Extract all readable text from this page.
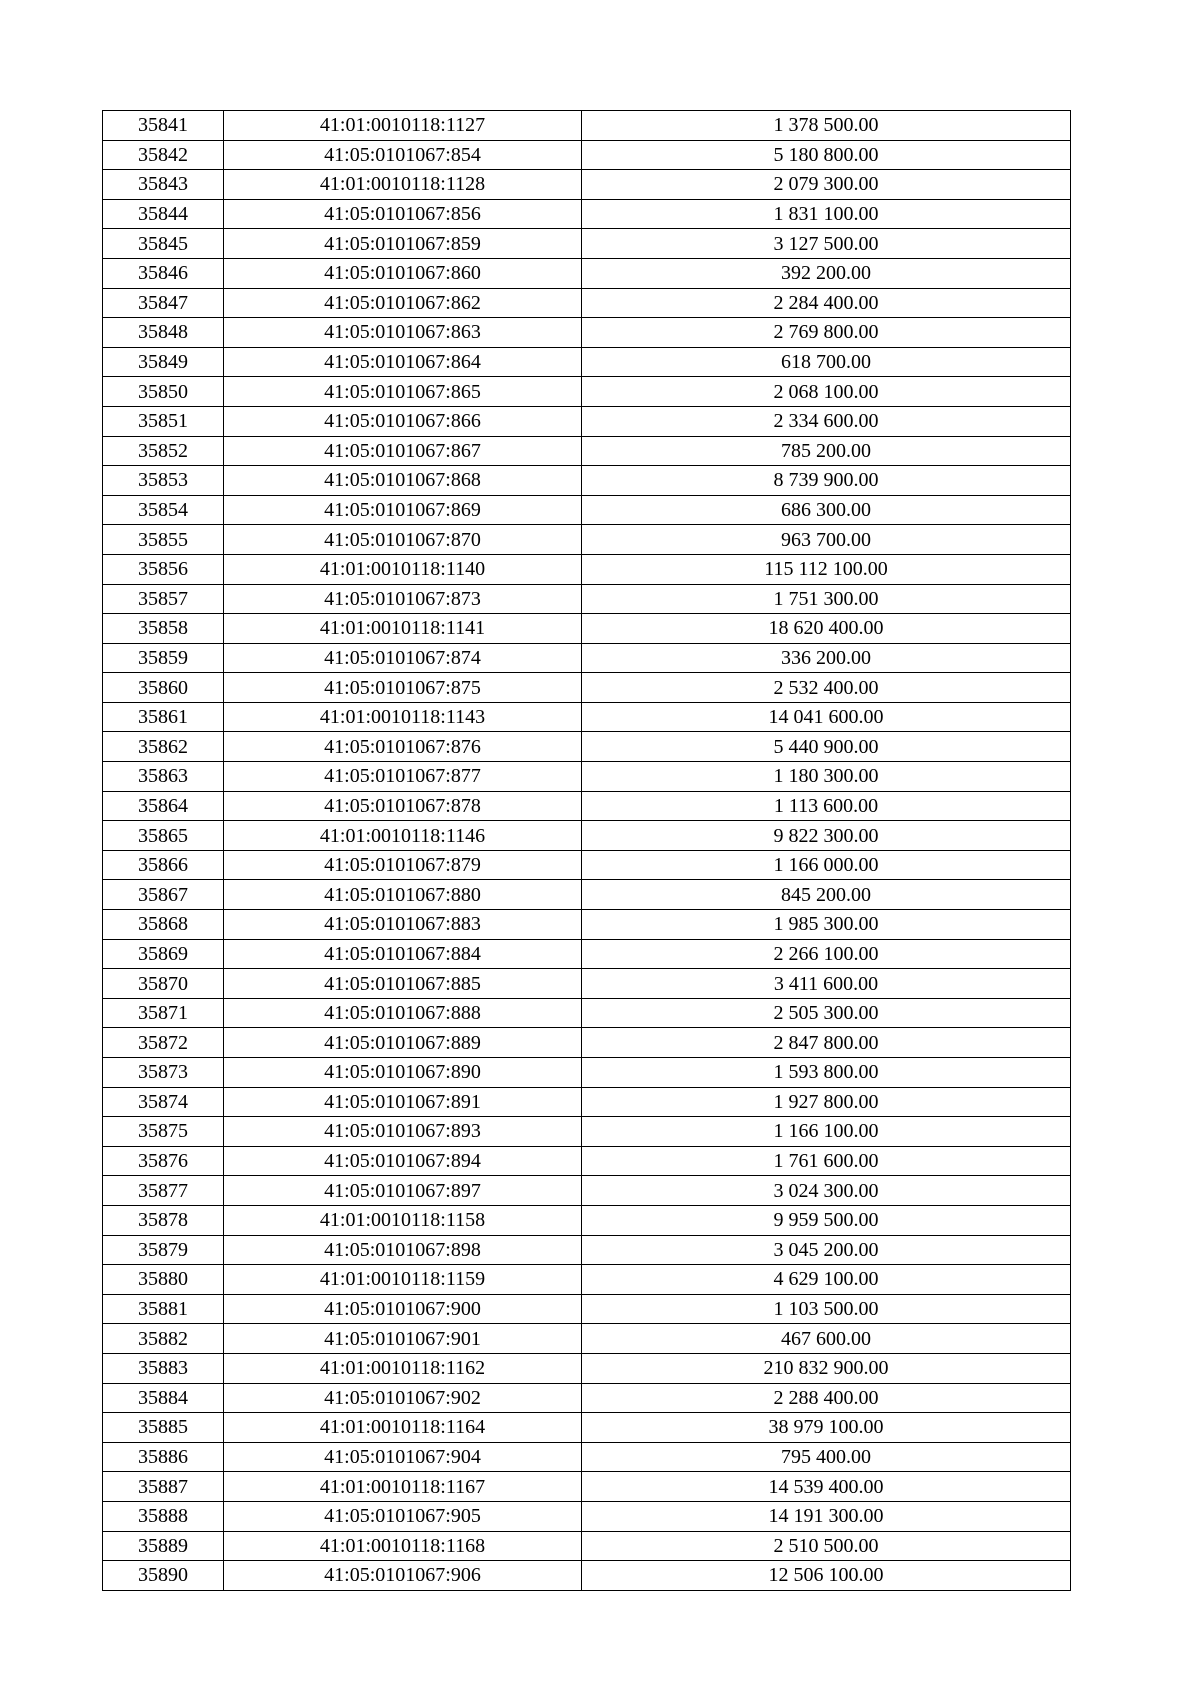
35841	41:01:0010118:1127	1 378 500.00
35842	41:05:0101067:854	5 180 800.00
35843	41:01:0010118:1128	2 079 300.00
35844	41:05:0101067:856	1 831 100.00
35845	41:05:0101067:859	3 127 500.00
35846	41:05:0101067:860	392 200.00
35847	41:05:0101067:862	2 284 400.00
35848	41:05:0101067:863	2 769 800.00
35849	41:05:0101067:864	618 700.00
35850	41:05:0101067:865	2 068 100.00
35851	41:05:0101067:866	2 334 600.00
35852	41:05:0101067:867	785 200.00
35853	41:05:0101067:868	8 739 900.00
35854	41:05:0101067:869	686 300.00
35855	41:05:0101067:870	963 700.00
35856	41:01:0010118:1140	115 112 100.00
35857	41:05:0101067:873	1 751 300.00
35858	41:01:0010118:1141	18 620 400.00
35859	41:05:0101067:874	336 200.00
35860	41:05:0101067:875	2 532 400.00
35861	41:01:0010118:1143	14 041 600.00
35862	41:05:0101067:876	5 440 900.00
35863	41:05:0101067:877	1 180 300.00
35864	41:05:0101067:878	1 113 600.00
35865	41:01:0010118:1146	9 822 300.00
35866	41:05:0101067:879	1 166 000.00
35867	41:05:0101067:880	845 200.00
35868	41:05:0101067:883	1 985 300.00
35869	41:05:0101067:884	2 266 100.00
35870	41:05:0101067:885	3 411 600.00
35871	41:05:0101067:888	2 505 300.00
35872	41:05:0101067:889	2 847 800.00
35873	41:05:0101067:890	1 593 800.00
35874	41:05:0101067:891	1 927 800.00
35875	41:05:0101067:893	1 166 100.00
35876	41:05:0101067:894	1 761 600.00
35877	41:05:0101067:897	3 024 300.00
35878	41:01:0010118:1158	9 959 500.00
35879	41:05:0101067:898	3 045 200.00
35880	41:01:0010118:1159	4 629 100.00
35881	41:05:0101067:900	1 103 500.00
35882	41:05:0101067:901	467 600.00
35883	41:01:0010118:1162	210 832 900.00
35884	41:05:0101067:902	2 288 400.00
35885	41:01:0010118:1164	38 979 100.00
35886	41:05:0101067:904	795 400.00
35887	41:01:0010118:1167	14 539 400.00
35888	41:05:0101067:905	14 191 300.00
35889	41:01:0010118:1168	2 510 500.00
35890	41:05:0101067:906	12 506 100.00
